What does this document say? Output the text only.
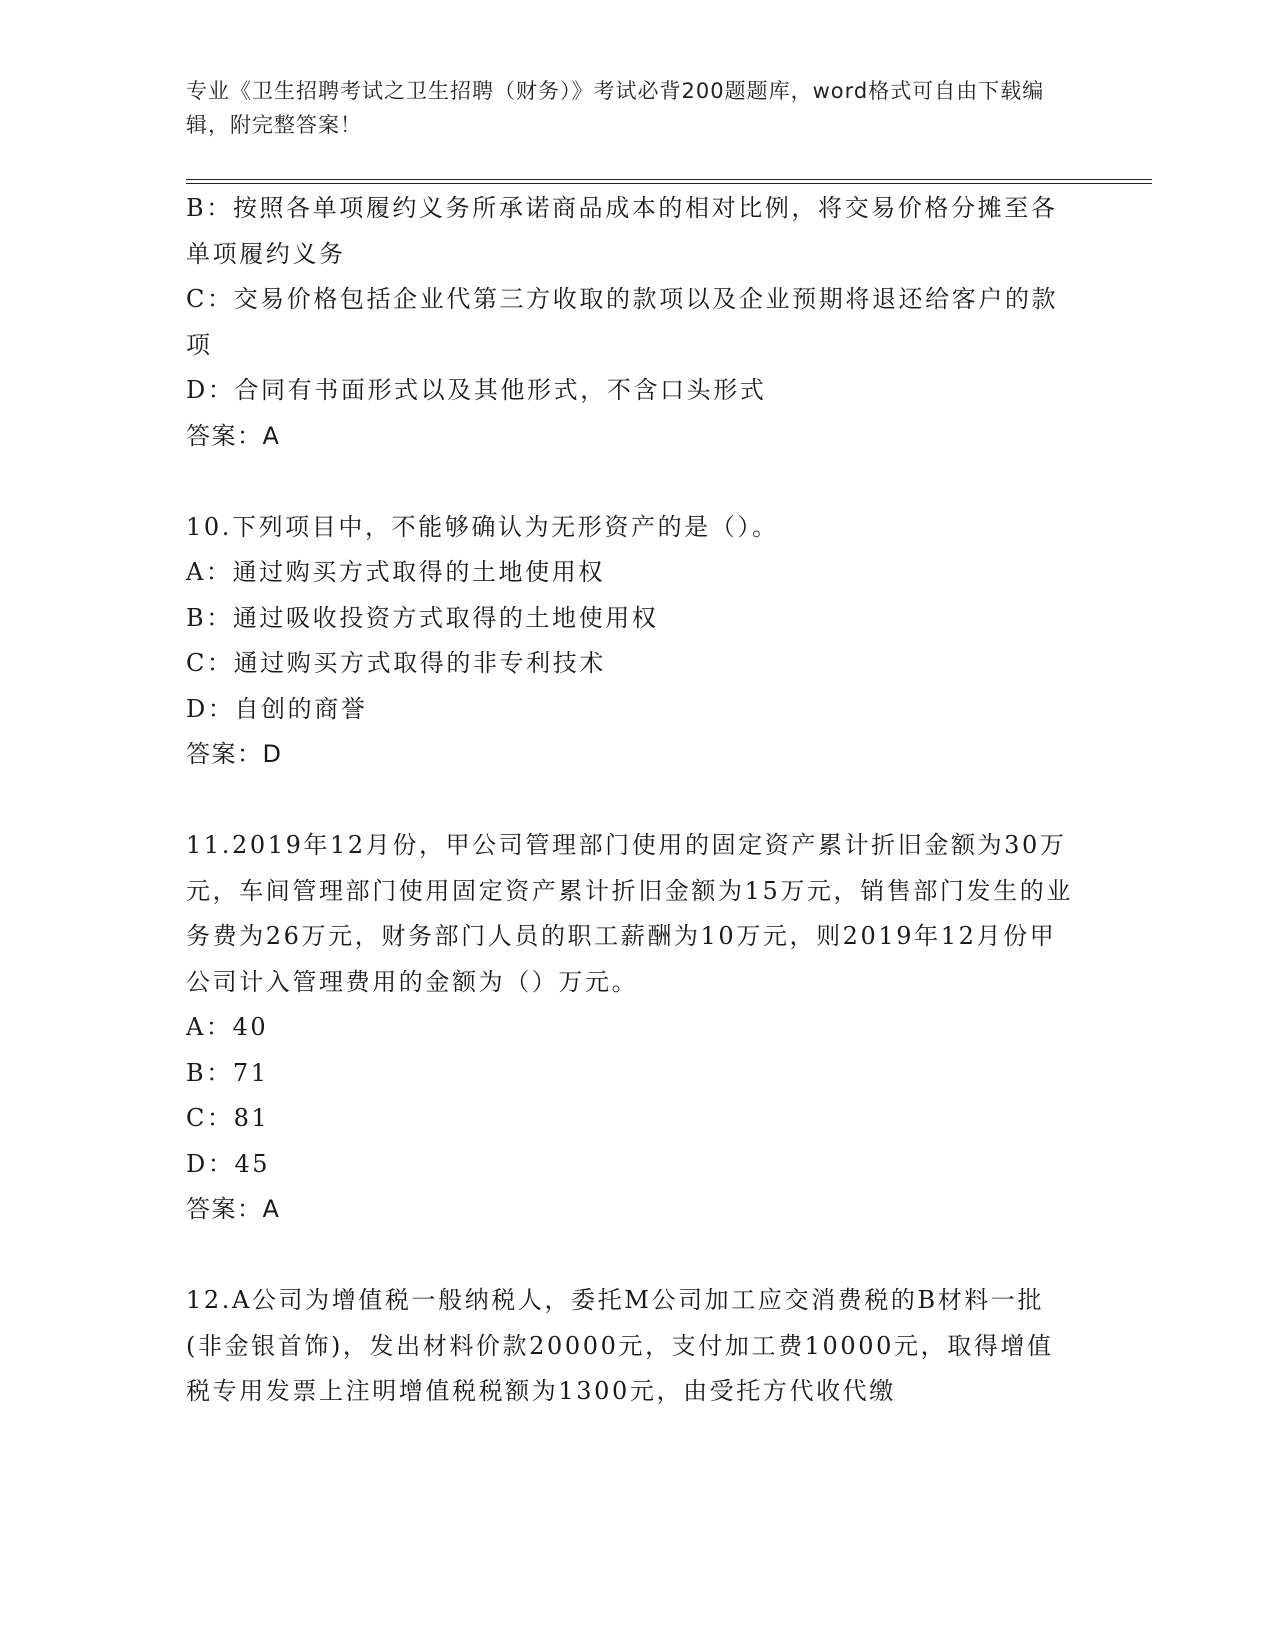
专业《卫生招聘考试之卫生招聘（财务）》考试必背200题题库，word格式可自由下载编辑，附完整答案！

B：按照各单项履约义务所承诺商品成本的相对比例，将交易价格分摊至各单项履约义务

C：交易价格包括企业代第三方收取的款项以及企业预期将退还给客户的款项

D：合同有书面形式以及其他形式，不含口头形式

答案：A

10.下列项目中，不能够确认为无形资产的是（）。

A：通过购买方式取得的土地使用权

B：通过吸收投资方式取得的土地使用权

C：通过购买方式取得的非专利技术

D：自创的商誉

答案：D

11.2019年12月份，甲公司管理部门使用的固定资产累计折旧金额为30万元，车间管理部门使用固定资产累计折旧金额为15万元，销售部门发生的业务费为26万元，财务部门人员的职工薪酬为10万元，则2019年12月份甲公司计入管理费用的金额为（）万元。

A：40

B：71

C：81

D：45

答案：A

12.A公司为增值税一般纳税人，委托M公司加工应交消费税的B材料一批(非金银首饰)，发出材料价款20000元，支付加工费10000元，取得增值税专用发票上注明增值税税额为1300元，由受托方代收代缴
